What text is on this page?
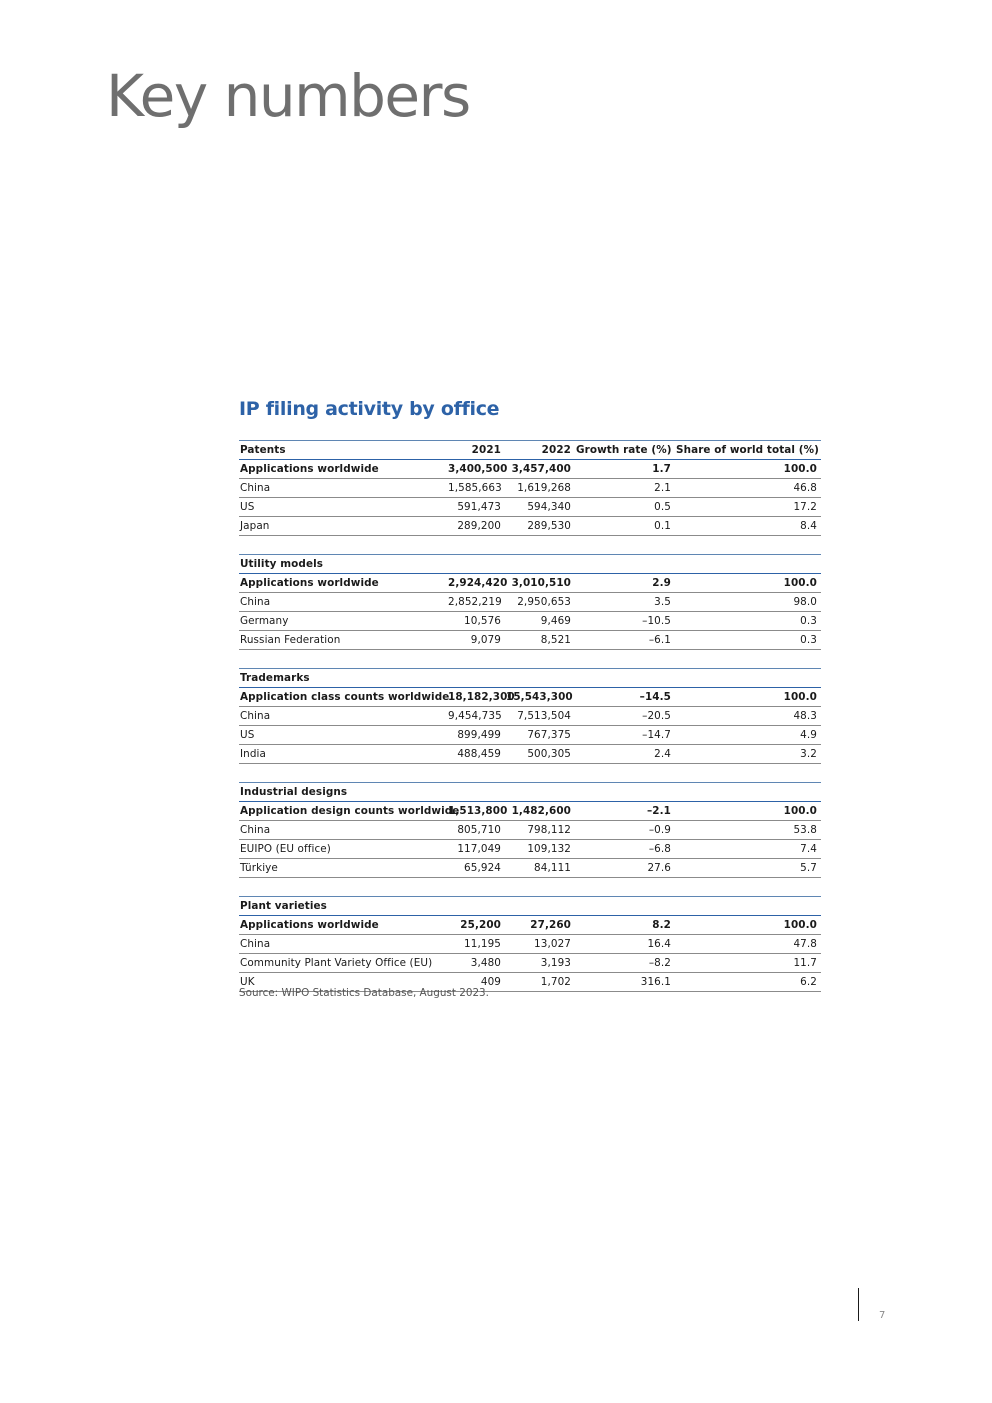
Key numbers
IP filing activity by office
Patents	2021	2022	Growth rate (%)	Share of world total (%)
Applications worldwide	3,400,500	3,457,400	1.7	100.0
China	1,585,663	1,619,268	2.1	46.8
US	591,473	594,340	0.5	17.2
Japan	289,200	289,530	0.1	8.4

Utility models				
Applications worldwide	2,924,420	3,010,510	2.9	100.0
China	2,852,219	2,950,653	3.5	98.0
Germany	10,576	9,469	–10.5	0.3
Russian Federation	9,079	8,521	–6.1	0.3

Trademarks				
Application class counts worldwide	18,182,300	15,543,300	–14.5	100.0
China	9,454,735	7,513,504	–20.5	48.3
US	899,499	767,375	–14.7	4.9
India	488,459	500,305	2.4	3.2

Industrial designs				
Application design counts worldwide	1,513,800	1,482,600	–2.1	100.0
China	805,710	798,112	–0.9	53.8
EUIPO (EU office)	117,049	109,132	–6.8	7.4
Türkiye	65,924	84,111	27.6	5.7

Plant varieties				
Applications worldwide	25,200	27,260	8.2	100.0
China	11,195	13,027	16.4	47.8
Community Plant Variety Office (EU)	3,480	3,193	–8.2	11.7
UK	409	1,702	316.1	6.2

Source: WIPO Statistics Database, August 2023.

7
